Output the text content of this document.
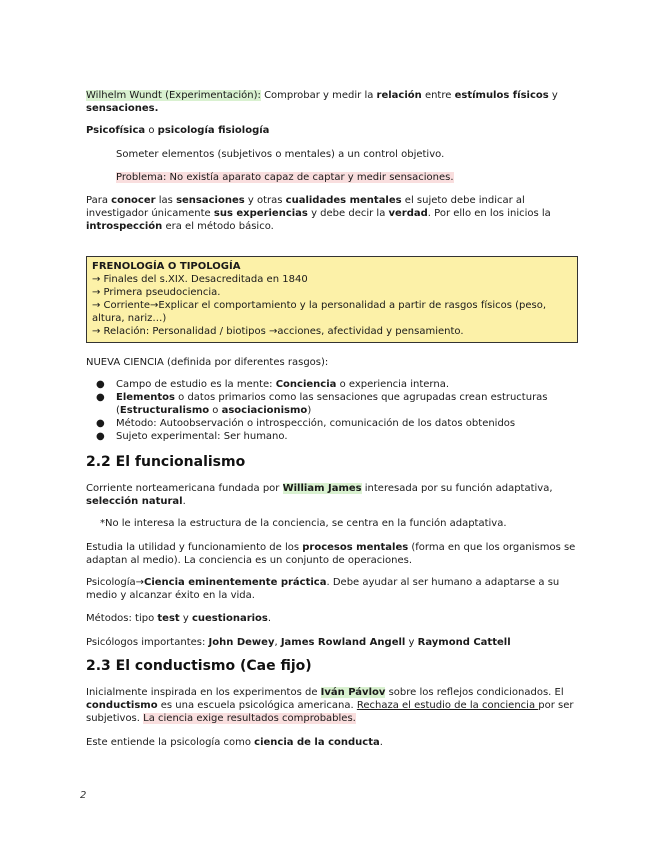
Wilhelm Wundt (Experimentación): Comprobar y medir la relación entre estímulos físicos y sensaciones.

Psicofísica o psicología fisiología

Someter elementos (subjetivos o mentales) a un control objetivo.

Problema: No existía aparato capaz de captar y medir sensaciones.

Para conocer las sensaciones y otras cualidades mentales el sujeto debe indicar al investigador únicamente sus experiencias y debe decir la verdad. Por ello en los inicios la introspección era el método básico.

FRENOLOGÍA O TIPOLOGÍA
→ Finales del s.XIX. Desacreditada en 1840
→ Primera pseudociencia.
→ Corriente→Explicar el comportamiento y la personalidad a partir de rasgos físicos (peso, altura, nariz…)
→ Relación: Personalidad / biotipos →acciones, afectividad y pensamiento.

NUEVA CIENCIA (definida por diferentes rasgos):

● Campo de estudio es la mente: Conciencia o experiencia interna.
● Elementos o datos primarios como las sensaciones que agrupadas crean estructuras (Estructuralismo o asociacionismo)
● Método: Autoobservación o introspección, comunicación de los datos obtenidos
● Sujeto experimental: Ser humano.
2.2 El funcionalismo

Corriente norteamericana fundada por William James interesada por su función adaptativa, selección natural.

*No le interesa la estructura de la conciencia, se centra en la función adaptativa.

Estudia la utilidad y funcionamiento de los procesos mentales (forma en que los organismos se adaptan al medio). La conciencia es un conjunto de operaciones.

Psicología→Ciencia eminentemente práctica. Debe ayudar al ser humano a adaptarse a su medio y alcanzar éxito en la vida.

Métodos: tipo test y cuestionarios.

Psicólogos importantes: John Dewey, James Rowland Angell y Raymond Cattell

2.3 El conductismo (Cae fijo)

Inicialmente inspirada en los experimentos de Iván Pávlov sobre los reflejos condicionados. El conductismo es una escuela psicológica americana. Rechaza el estudio de la conciencia por ser subjetivos. La ciencia exige resultados comprobables.

Este entiende la psicología como ciencia de la conducta.

2
